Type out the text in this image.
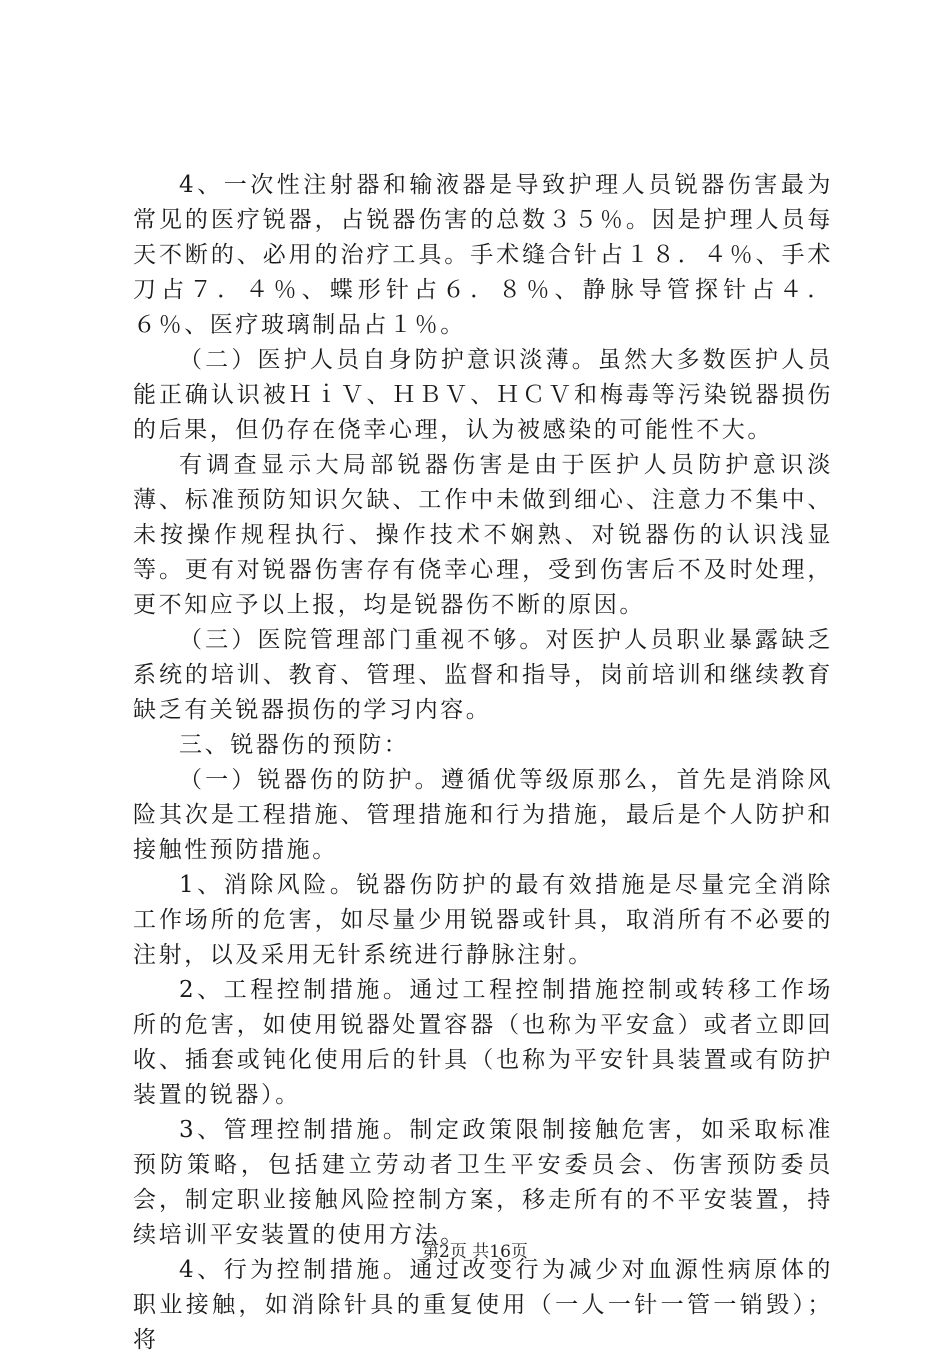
4、一次性注射器和输液器是导致护理人员锐器伤害最为常见的医疗锐器，占锐器伤害的总数３５％。因是护理人员每天不断的、必用的治疗工具。手术缝合针占１８．４％、手术刀占７．４％、蝶形针占６．８％、静脉导管探针占４．６％、医疗玻璃制品占１％。

（二）医护人员自身防护意识淡薄。虽然大多数医护人员能正确认识被ＨｉＶ、ＨＢＶ、ＨＣＶ和梅毒等污染锐器损伤的后果，但仍存在侥幸心理，认为被感染的可能性不大。

有调查显示大局部锐器伤害是由于医护人员防护意识淡薄、标准预防知识欠缺、工作中未做到细心、注意力不集中、未按操作规程执行、操作技术不娴熟、对锐器伤的认识浅显等。更有对锐器伤害存有侥幸心理，受到伤害后不及时处理，更不知应予以上报，均是锐器伤不断的原因。

（三）医院管理部门重视不够。对医护人员职业暴露缺乏系统的培训、教育、管理、监督和指导，岗前培训和继续教育缺乏有关锐器损伤的学习内容。

三、锐器伤的预防：

（一）锐器伤的防护。遵循优等级原那么，首先是消除风险其次是工程措施、管理措施和行为措施，最后是个人防护和接触性预防措施。

1、消除风险。锐器伤防护的最有效措施是尽量完全消除工作场所的危害，如尽量少用锐器或针具，取消所有不必要的注射，以及采用无针系统进行静脉注射。

2、工程控制措施。通过工程控制措施控制或转移工作场所的危害，如使用锐器处置容器（也称为平安盒）或者立即回收、插套或钝化使用后的针具（也称为平安针具装置或有防护装置的锐器）。

3、管理控制措施。制定政策限制接触危害，如采取标准预防策略，包括建立劳动者卫生平安委员会、伤害预防委员会，制定职业接触风险控制方案，移走所有的不平安装置，持续培训平安装置的使用方法。

4、行为控制措施。通过改变行为减少对血源性病原体的职业接触，如消除针具的重复使用（一人一针一管一销毁）；将

第2页 共16页
